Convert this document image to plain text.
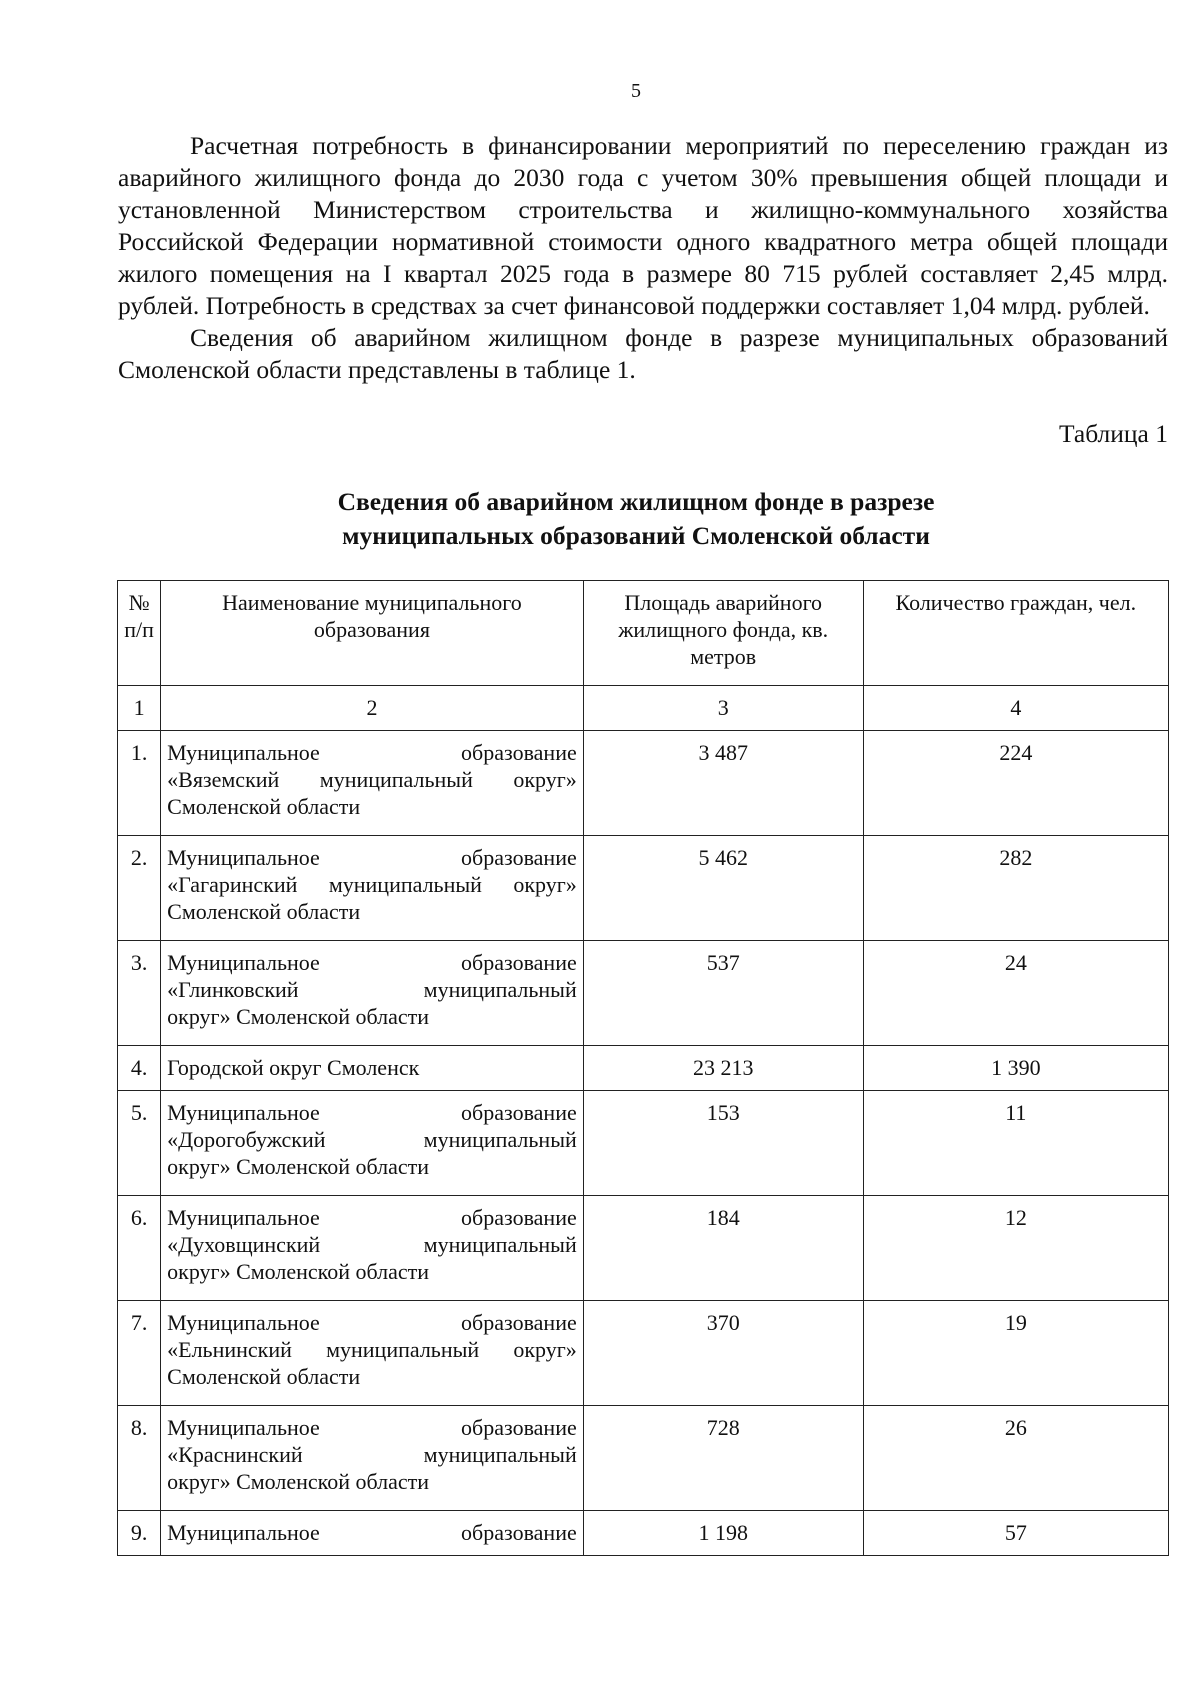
5

Расчетная потребность в финансировании мероприятий по переселению граждан из аварийного жилищного фонда до 2030 года с учетом 30% превышения общей площади и установленной Министерством строительства и жилищно-коммунального хозяйства Российской Федерации нормативной стоимости одного квадратного метра общей площади жилого помещения на I квартал 2025 года в размере 80 715 рублей составляет 2,45 млрд. рублей. Потребность в средствах за счет финансовой поддержки составляет 1,04 млрд. рублей.

Сведения об аварийном жилищном фонде в разрезе муниципальных образований Смоленской области представлены в таблице 1.

Таблица 1
Сведения об аварийном жилищном фонде в разрезе
муниципальных образований Смоленской области
№ п/п	Наименование муниципального образования	Площадь аварийного жилищного фонда, кв. метров	Количество граждан, чел.
1	2	3	4
1.	Муниципальное образование
«Вяземский муниципальный округ»
Смоленской области	3 487	224
2.	Муниципальное образование
«Гагаринский муниципальный округ»
Смоленской области	5 462	282
3.	Муниципальное образование
«Глинковский муниципальный
округ» Смоленской области	537	24
4.	Городской округ Смоленск	23 213	1 390
5.	Муниципальное образование
«Дорогобужский муниципальный
округ» Смоленской области	153	11
6.	Муниципальное образование
«Духовщинский муниципальный
округ» Смоленской области	184	12
7.	Муниципальное образование
«Ельнинский муниципальный округ»
Смоленской области	370	19
8.	Муниципальное образование
«Краснинский муниципальный
округ» Смоленской области	728	26
9.	Муниципальное образование	1 198	57
